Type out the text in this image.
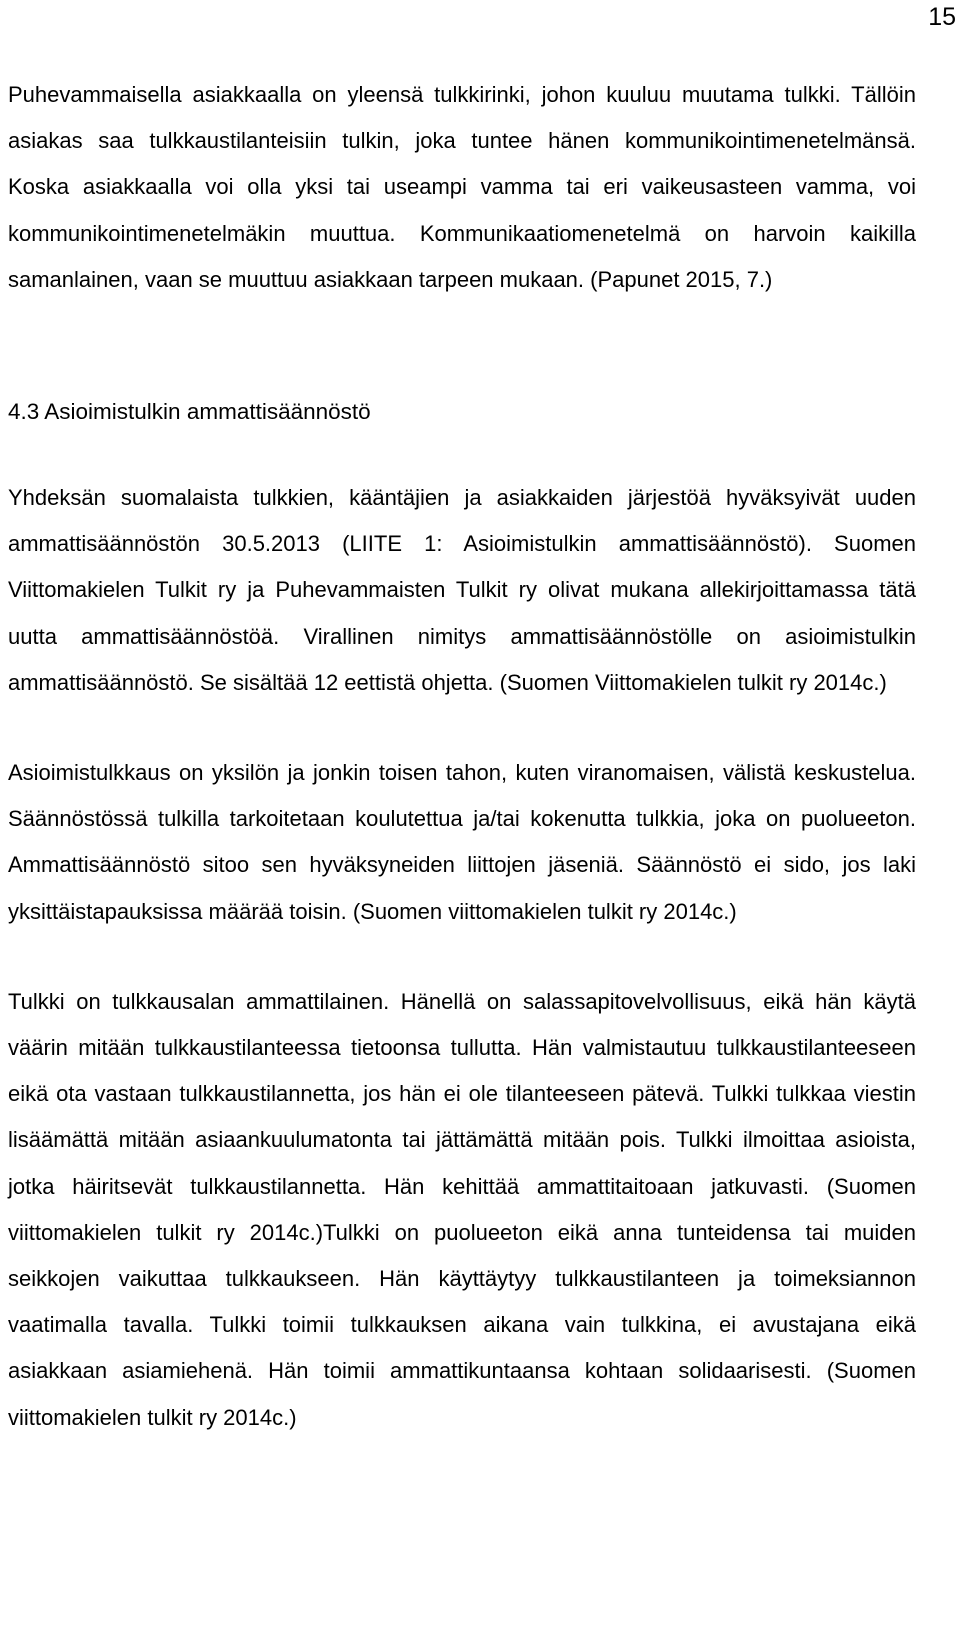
15

Puhevammaisella asiakkaalla on yleensä tulkkirinki, johon kuuluu muutama tulkki. Tällöin asiakas saa tulkkaustilanteisiin tulkin, joka tuntee hänen kommunikointimenetelmänsä. Koska asiakkaalla voi olla yksi tai useampi vamma tai eri vaikeusasteen vamma, voi kommunikointimenetelmäkin muuttua. Kommunikaatiomenetelmä on harvoin kaikilla samanlainen, vaan se muuttuu asiakkaan tarpeen mukaan. (Papunet 2015, 7.)

4.3 Asioimistulkin ammattisäännöstö

Yhdeksän suomalaista tulkkien, kääntäjien ja asiakkaiden järjestöä hyväksyivät uuden ammattisäännöstön 30.5.2013 (LIITE 1: Asioimistulkin ammattisäännöstö). Suomen Viittomakielen Tulkit ry ja Puhevammaisten Tulkit ry olivat mukana allekirjoittamassa tätä uutta ammattisäännöstöä. Virallinen nimitys ammattisäännöstölle on asioimistulkin ammattisäännöstö. Se sisältää 12 eettistä ohjetta. (Suomen Viittomakielen tulkit ry 2014c.)

Asioimistulkkaus on yksilön ja jonkin toisen tahon, kuten viranomaisen, välistä keskustelua. Säännöstössä tulkilla tarkoitetaan koulutettua ja/tai kokenutta tulkkia, joka on puolueeton. Ammattisäännöstö sitoo sen hyväksyneiden liittojen jäseniä. Säännöstö ei sido, jos laki yksittäistapauksissa määrää toisin. (Suomen viittomakielen tulkit ry 2014c.)

Tulkki on tulkkausalan ammattilainen. Hänellä on salassapitovelvollisuus, eikä hän käytä väärin mitään tulkkaustilanteessa tietoonsa tullutta. Hän valmistautuu tulkkaustilanteeseen eikä ota vastaan tulkkaustilannetta, jos hän ei ole tilanteeseen pätevä. Tulkki tulkkaa viestin lisäämättä mitään asiaankuulumatonta tai jättämättä mitään pois. Tulkki ilmoittaa asioista, jotka häiritsevät tulkkaustilannetta. Hän kehittää ammattitaitoaan jatkuvasti. (Suomen viittomakielen tulkit ry 2014c.)Tulkki on puolueeton eikä anna tunteidensa tai muiden seikkojen vaikuttaa tulkkaukseen. Hän käyttäytyy tulkkaustilanteen ja toimeksiannon vaatimalla tavalla. Tulkki toimii tulkkauksen aikana vain tulkkina, ei avustajana eikä asiakkaan asiamiehenä. Hän toimii ammattikuntaansa kohtaan solidaarisesti. (Suomen viittomakielen tulkit ry 2014c.)
